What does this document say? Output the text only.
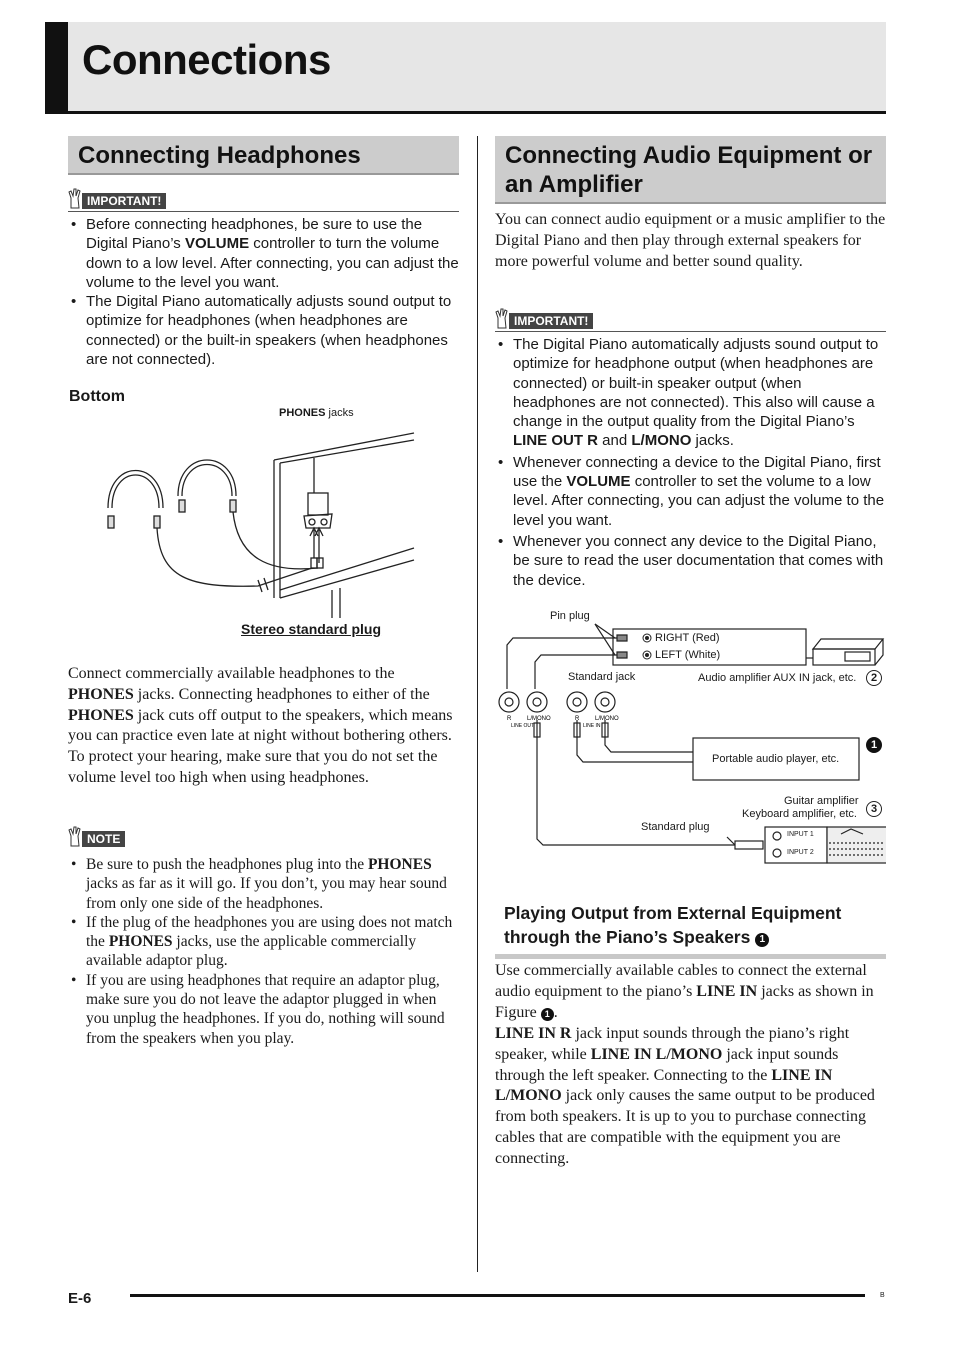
Connections
Connecting Headphones
IMPORTANT!
• Before connecting headphones, be sure to use the Digital Piano’s VOLUME controller to turn the volume down to a low level. After connecting, you can adjust the volume to the level you want.
• The Digital Piano automatically adjusts sound output to optimize for headphones (when headphones are connected) or the built-in speakers (when headphones are not connected).
Bottom
PHONES jacks
Stereo standard plug

Connect commercially available headphones to the PHONES jacks. Connecting headphones to either of the PHONES jack cuts off output to the speakers, which means you can practice even late at night without bothering others. To protect your hearing, make sure that you do not set the volume level too high when using headphones.

NOTE
• Be sure to push the headphones plug into the PHONES jacks as far as it will go. If you don’t, you may hear sound from only one side of the headphones.
• If the plug of the headphones you are using does not match the PHONES jacks, use the applicable commercially available adaptor plug.
• If you are using headphones that require an adaptor plug, make sure you do not leave the adaptor plugged in when you unplug the headphones. If you do, nothing will sound from the speakers when you play.
Connecting Audio Equipment or an Amplifier

You can connect audio equipment or a music amplifier to the Digital Piano and then play through external speakers for more powerful volume and better sound quality.

IMPORTANT!
• The Digital Piano automatically adjusts sound output to optimize for headphone output (when headphones are connected) or built-in speaker output (when headphones are not connected). This also will cause a change in the output quality from the Digital Piano’s LINE OUT R and L/MONO jacks.
• Whenever connecting a device to the Digital Piano, first use the VOLUME controller to set the volume to a low level. After connecting, you can adjust the volume to the level you want.
• Whenever you connect any device to the Digital Piano, be sure to read the user documentation that comes with the device.
R	L/MONO	R	L/MONO
LINE OUT	LINE IN
Pin plug
RIGHT (Red)
LEFT (White)
Standard jack	Audio amplifier AUX IN jack, etc.	2
1
Portable audio player, etc.
Guitar amplifier
Keyboard amplifier, etc.	3
Standard plug
INPUT 1
INPUT 2
Playing Output from External Equipment through the Piano’s Speakers 1

Use commercially available cables to connect the external audio equipment to the piano’s LINE IN jacks as shown in Figure 1 .

LINE IN R jack input sounds through the piano’s right speaker, while LINE IN L/MONO jack input sounds through the left speaker. Connecting to the LINE IN L/MONO jack only causes the same output to be produced from both speakers. It is up to you to purchase connecting cables that are compatible with the equipment you are connecting.

E-6	B
